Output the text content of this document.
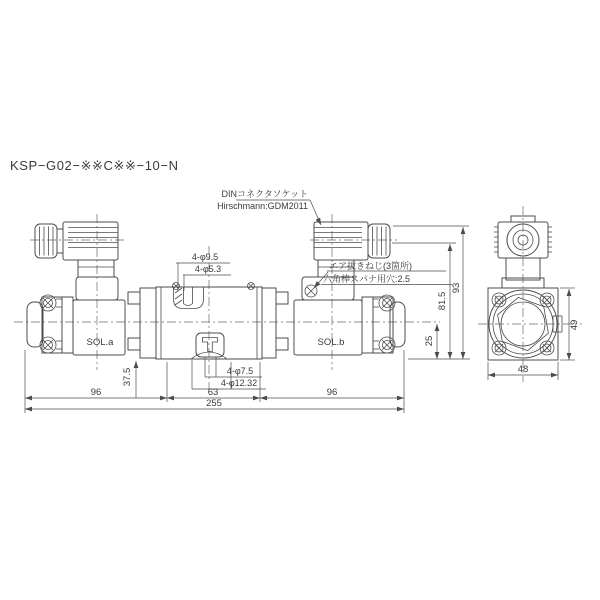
KSP−G02−※※C※※−10−N
SOL.a	SOL.b
96	63	96
255
37.5
25
81.5
93
48
49
DINコネクタソケット
Hirschmann:GDM2011
エア抜きねじ(3箇所)
六角棒スパナ用穴:2.5
4-φ9.5
4-φ5.3
4-φ7.5
4-φ12.32
